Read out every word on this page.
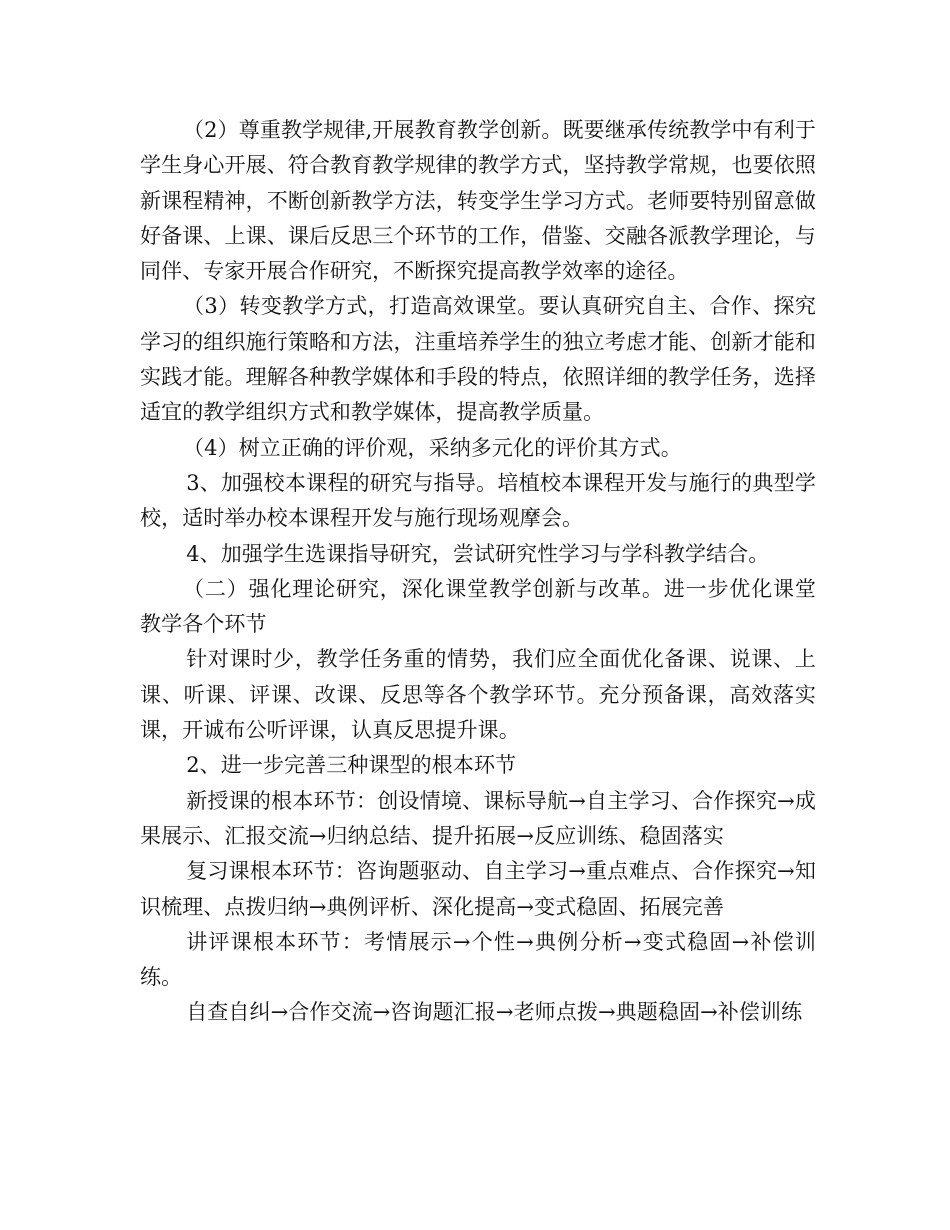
（2）尊重教学规律,开展教育教学创新。既要继承传统教学中有利于学生身心开展、符合教育教学规律的教学方式，坚持教学常规，也要依照新课程精神，不断创新教学方法，转变学生学习方式。老师要特别留意做好备课、上课、课后反思三个环节的工作，借鉴、交融各派教学理论，与同伴、专家开展合作研究，不断探究提高教学效率的途径。

（3）转变教学方式，打造高效课堂。要认真研究自主、合作、探究学习的组织施行策略和方法，注重培养学生的独立考虑才能、创新才能和实践才能。理解各种教学媒体和手段的特点，依照详细的教学任务，选择适宜的教学组织方式和教学媒体，提高教学质量。

（4）树立正确的评价观，采纳多元化的评价其方式。

3、加强校本课程的研究与指导。培植校本课程开发与施行的典型学校，适时举办校本课程开发与施行现场观摩会。

4、加强学生选课指导研究，尝试研究性学习与学科教学结合。

（二）强化理论研究，深化课堂教学创新与改革。进一步优化课堂教学各个环节

针对课时少，教学任务重的情势，我们应全面优化备课、说课、上课、听课、评课、改课、反思等各个教学环节。充分预备课，高效落实课，开诚布公听评课，认真反思提升课。

2、进一步完善三种课型的根本环节

新授课的根本环节：创设情境、课标导航→自主学习、合作探究→成果展示、汇报交流→归纳总结、提升拓展→反应训练、稳固落实

复习课根本环节：咨询题驱动、自主学习→重点难点、合作探究→知识梳理、点拨归纳→典例评析、深化提高→变式稳固、拓展完善

讲评课根本环节：考情展示→个性→典例分析→变式稳固→补偿训练。

自查自纠→合作交流→咨询题汇报→老师点拨→典题稳固→补偿训练
